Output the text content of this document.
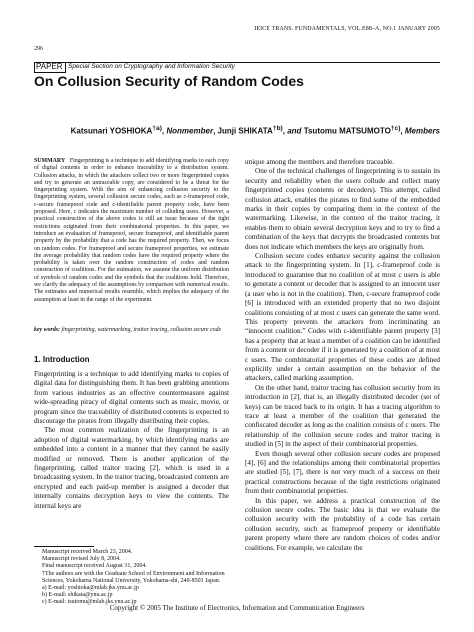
IEICE TRANS. FUNDAMENTALS, VOL.E88–A, NO.1 JANUARY 2005
296
PAPER Special Section on Cryptography and Information Security
On Collusion Security of Random Codes
Katsunari YOSHIOKA$^{\dagger a)}$, Nonmember, Junji SHIKATA$^{\dagger b)}$, and Tsutomu MATSUMOTO$^{\dagger c)}$, Members
SUMMARY Fingerprinting is a technique to add identifying marks to each copy of digital contents in order to enhance traceability to a distribution system. Collusion attacks, in which the attackers collect two or more fingerprinted copies and try to generate an untraceable copy, are considered to be a threat for the fingerprinting system. With the aim of enhancing collusion security to the fingerprinting system, several collusion secure codes, such as c-frameproof code, c-secure frameproof code and c-identifiable parent property code, have been proposed. Here, c indicates the maximum number of colluding users. However, a practical construction of the above codes is still an issue because of the tight restrictions originated from their combinatorial properties. In this paper, we introduce an evaluation of frameproof, secure frameproof, and identifiable parent property by the probability that a code has the required property. Then, we focus on random codes. For frameproof and secure frameproof properties, we estimate the average probability that random codes have the required property where the probability is taken over the random construction of codes and random construction of coalitions. For the estimation, we assume the uniform distribution of symbols of random codes and the symbols that the coalitions hold. Therefore, we clarify the adequacy of the assumptions by comparison with numerical results. The estimates and numerical results resemble, which implies the adequacy of the assumption at least in the range of the experiment.
key words: fingerprinting, watermarking, traitor tracing, collusion secure code
1. Introduction

Fingerprinting is a technique to add identifying marks to copies of digital data for distinguishing them. It has been grabbing attentions from various industries as an effective countermeasure against wide-spreading piracy of digital contents such as music, movie, or program since the traceability of distributed contents is expected to discourage the pirates from illegally distributing their copies.

The most common realization of the fingerprinting is an adoption of digital watermarking, by which identifying marks are embedded into a content in a manner that they cannot be easily modified or removed. There is another application of the fingerprinting, called traitor tracing [2], which is used in a broadcasting system. In the traitor tracing, broadcasted contents are encrypted and each paid-up member is assigned a decoder that internally contains decryption keys to view the contents. The internal keys are

Manuscript received March 23, 2004.
Manuscript revised July 8, 2004.
Final manuscript received August 31, 2004.
†The authors are with the Graduate School of Environment and Information Sciences, Yokohama National University, Yokohama-shi, 240-8501 Japan.
a) E-mail: yoshioka@mlab.jks.ynu.ac.jp
b) E-mail: shikata@ynu.ac.jp
c) E-mail: tsutomu@mlab.jks.ynu.ac.jp

unique among the members and therefore traceable.

One of the technical challenges of fingerprinting is to sustain its security and reliability when the users collude and collect many fingerprinted copies (contents or decoders). This attempt, called collusion attack, enables the pirates to find some of the embedded marks in their copies by comparing them in the context of the watermarking. Likewise, in the context of the traitor tracing, it enables them to obtain several decryption keys and to try to find a combination of the keys that decrypts the broadcasted contents but does not indicate which members the keys are originally from.

Collusion secure codes enhance security against the collusion attack to the fingerprinting system. In [1], c-frameproof code is introduced to guarantee that no coalition of at most c users is able to generate a content or decoder that is assigned to an innocent user (a user who is not in the coalition). Then, c-secure frameproof code [6] is introduced with an extended property that no two disjoint coalitions consisting of at most c users can generate the same word. This property prevents the attackers from incriminating an “innocent coalition.” Codes with c-identifiable parent property [3] has a property that at least a member of a coalition can be identified from a content or decoder if it is generated by a coalition of at most c users. The combinatorial properties of these codes are defined explicitly under a certain assumption on the behavior of the attackers, called marking assumption.

On the other hand, traitor tracing has collusion security from its introduction in [2], that is, an illegally distributed decoder (set of keys) can be traced back to its origin. It has a tracing algorithm to trace at least a member of the coalition that generated the confiscated decoder as long as the coalition consists of c users. The relationship of the collusion secure codes and traitor tracing is studied in [5] in the aspect of their combinatorial properties.

Even though several other collusion secure codes are proposed [4], [6] and the relationships among their combinatorial properties are studied [5], [7], there is not very much of a success on their practical constructions because of the tight restrictions originated from their combinatorial properties.

In this paper, we address a practical construction of the collusion secure codes. The basic idea is that we evaluate the collusion security with the probability of a code has certain collusion security, such as frameproof property or identifiable parent property where there are random choices of codes and/or coalitions. For example, we calculate the

Copyright © 2005 The Institute of Electronics, Information and Communication Engineers
